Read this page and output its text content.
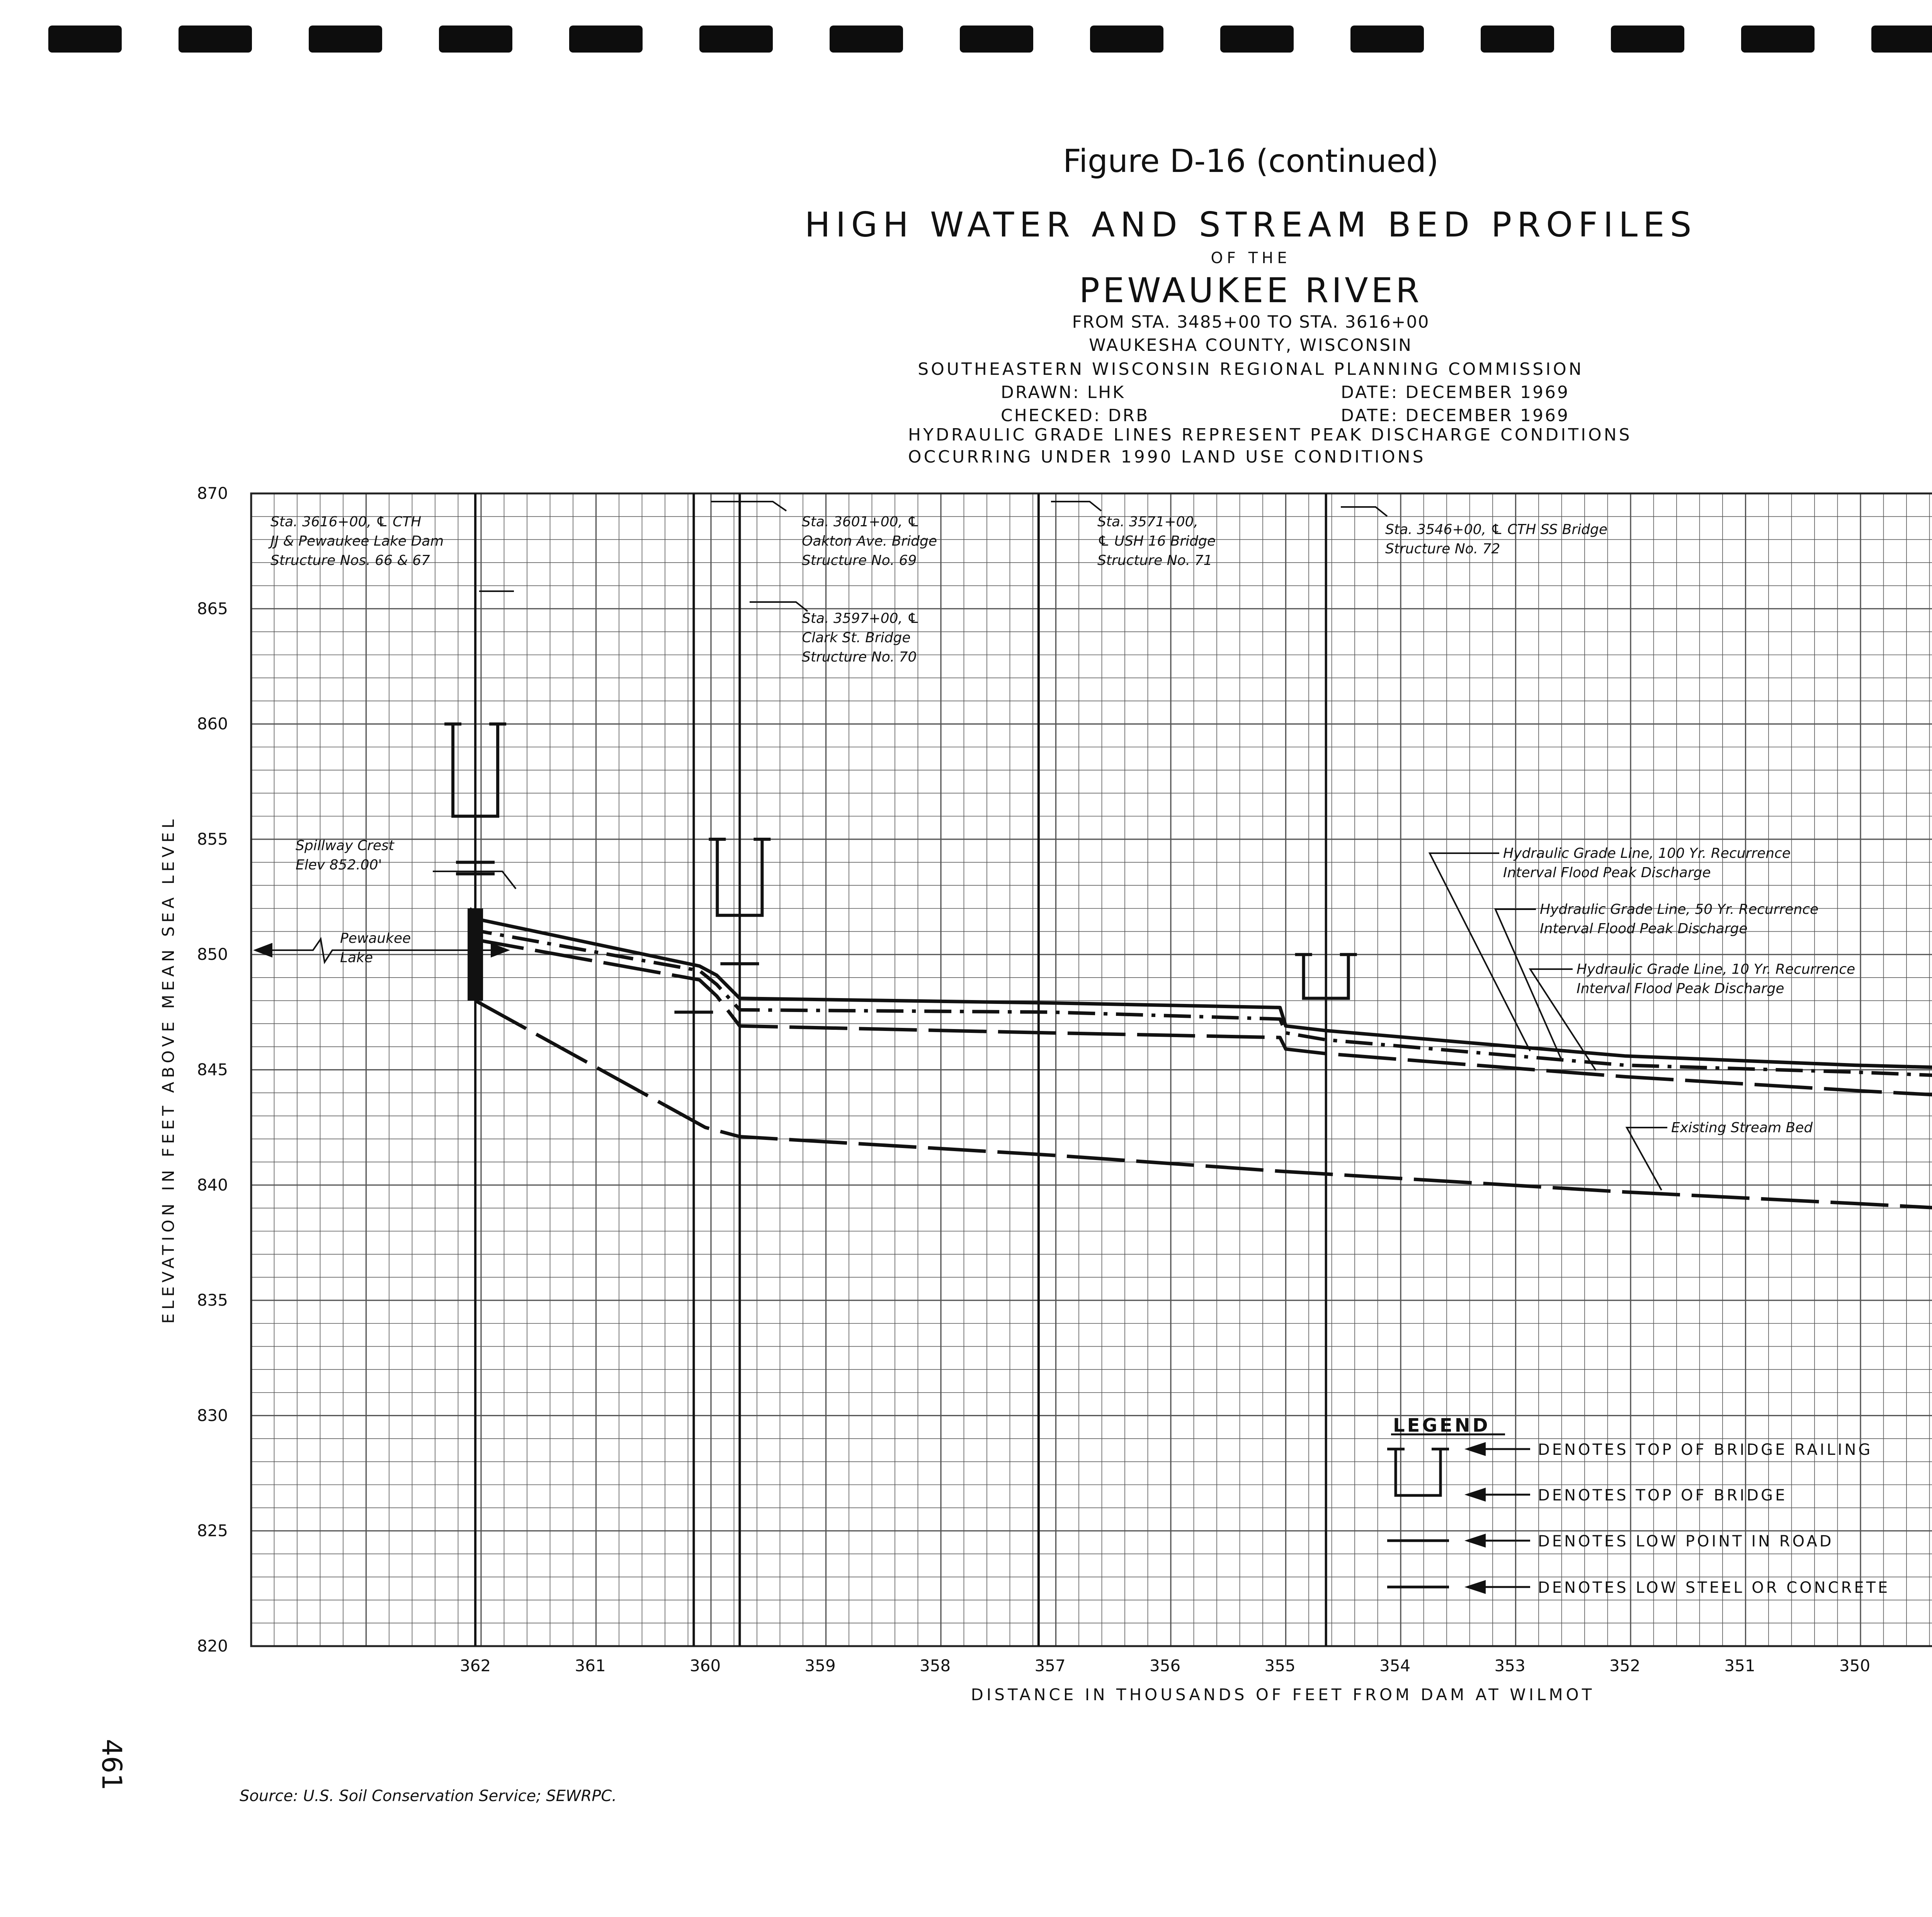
Figure D-16 (continued)
HIGH WATER AND STREAM BED PROFILES
OF THE
PEWAUKEE RIVER
FROM STA. 3485+00 TO STA. 3616+00
WAUKESHA COUNTY, WISCONSIN
SOUTHEASTERN WISCONSIN REGIONAL PLANNING COMMISSION
DRAWN: LHK	DATE: DECEMBER 1969
CHECKED: DRB	DATE: DECEMBER 1969
HYDRAULIC GRADE LINES REPRESENT PEAK DISCHARGE CONDITIONS
OCCURRING UNDER 1990 LAND USE CONDITIONS
820
825
830
835
840
845
850
855
860
865
870
362	361	360	359	358	357	356	355	354	353	352	351	350
DISTANCE IN THOUSANDS OF FEET FROM DAM AT WILMOT
ELEVATION IN FEET ABOVE MEAN SEA LEVEL
Sta. 3616+00, ℄ CTH
JJ & Pewaukee Lake Dam
Structure Nos. 66 & 67
Sta. 3601+00, ℄
Oakton Ave. Bridge
Structure No. 69
Sta. 3597+00, ℄
Clark St. Bridge
Structure No. 70
Sta. 3571+00,
℄ USH 16 Bridge
Structure No. 71
Sta. 3546+00, ℄ CTH SS Bridge
Structure No. 72
Spillway Crest
Elev 852.00'
Pewaukee
Lake
Hydraulic Grade Line, 100 Yr. Recurrence
Interval Flood Peak Discharge
Hydraulic Grade Line, 50 Yr. Recurrence
Interval Flood Peak Discharge
Hydraulic Grade Line, 10 Yr. Recurrence
Interval Flood Peak Discharge
Existing Stream Bed
LEGEND
DENOTES TOP OF BRIDGE RAILING
DENOTES TOP OF BRIDGE
DENOTES LOW POINT IN ROAD
DENOTES LOW STEEL OR CONCRETE
461
Source: U.S. Soil Conservation Service; SEWRPC.
